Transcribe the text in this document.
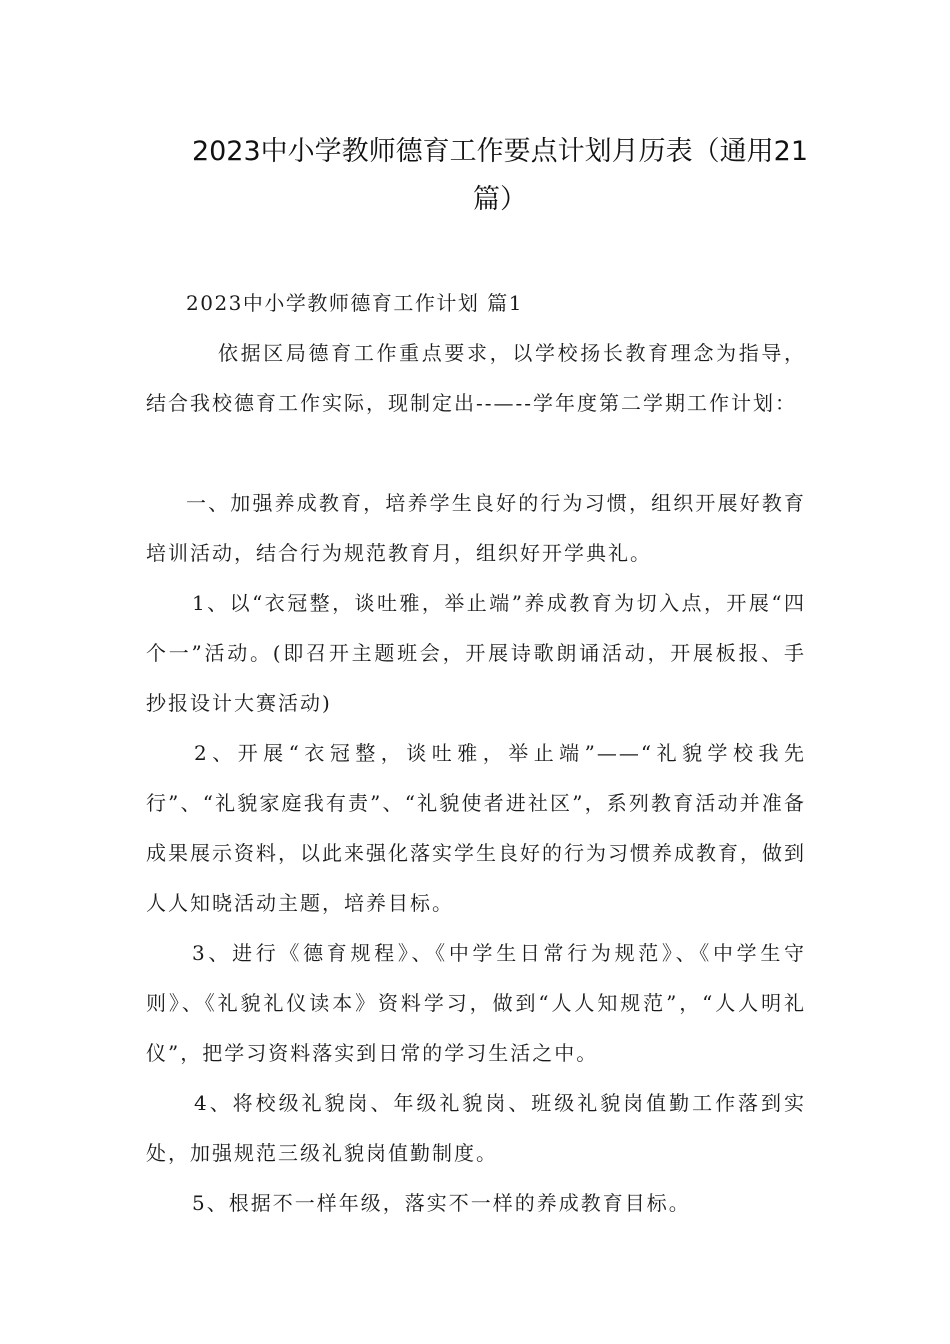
2023中小学教师德育工作要点计划月历表（通用21
篇）

2023中小学教师德育工作计划 篇1

依据区局德育工作重点要求，以学校扬长教育理念为指导，结合我校德育工作实际，现制定出--—--学年度第二学期工作计划：

一、加强养成教育，培养学生良好的行为习惯，组织开展好教育培训活动，结合行为规范教育月，组织好开学典礼。

1、以“衣冠整，谈吐雅，举止端”养成教育为切入点，开展“四个一”活动。(即召开主题班会，开展诗歌朗诵活动，开展板报、手抄报设计大赛活动)

2、开展“衣冠整，谈吐雅，举止端”——“礼貌学校我先行”、“礼貌家庭我有责”、“礼貌使者进社区”，系列教育活动并准备成果展示资料，以此来强化落实学生良好的行为习惯养成教育，做到人人知晓活动主题，培养目标。

3、进行《德育规程》、《中学生日常行为规范》、《中学生守则》、《礼貌礼仪读本》资料学习，做到“人人知规范”，“人人明礼仪”，把学习资料落实到日常的学习生活之中。

4、将校级礼貌岗、年级礼貌岗、班级礼貌岗值勤工作落到实处，加强规范三级礼貌岗值勤制度。

5、根据不一样年级，落实不一样的养成教育目标。
